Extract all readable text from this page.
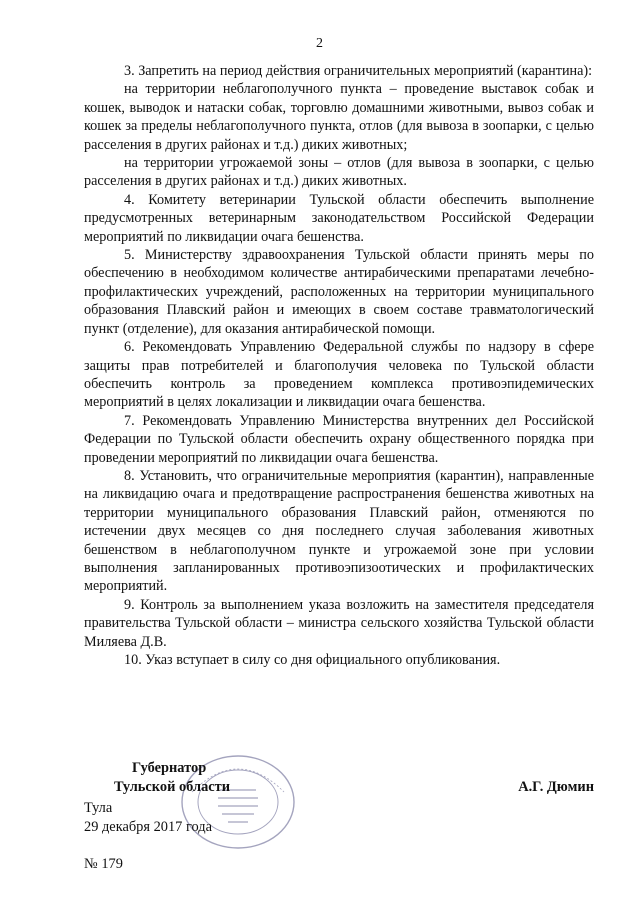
2

3. Запретить на период действия ограничительных мероприятий (карантина):

на территории неблагополучного пункта – проведение выставок собак и кошек, выводок и натаски собак, торговлю домашними животными, вывоз собак и кошек за пределы неблагополучного пункта, отлов (для вывоза в зоопарки, с целью расселения в других районах и т.д.) диких животных;

на территории угрожаемой зоны – отлов (для вывоза в зоопарки, с целью расселения в других районах и т.д.) диких животных.

4. Комитету ветеринарии Тульской области обеспечить выполнение предусмотренных ветеринарным законодательством Российской Федерации мероприятий по ликвидации очага бешенства.

5. Министерству здравоохранения Тульской области принять меры по обеспечению в необходимом количестве антирабическими препаратами лечебно-профилактических учреждений, расположенных на территории муниципального образования Плавский район и имеющих в своем составе травматологический пункт (отделение), для оказания антирабической помощи.

6. Рекомендовать Управлению Федеральной службы по надзору в сфере защиты прав потребителей и благополучия человека по Тульской области обеспечить контроль за проведением комплекса противоэпидемических мероприятий в целях локализации и ликвидации очага бешенства.

7. Рекомендовать Управлению Министерства внутренних дел Российской Федерации по Тульской области обеспечить охрану общественного порядка при проведении мероприятий по ликвидации очага бешенства.

8. Установить, что ограничительные мероприятия (карантин), направленные на ликвидацию очага и предотвращение распространения бешенства животных на территории муниципального образования Плавский район, отменяются по истечении двух месяцев со дня последнего случая заболевания животных бешенством в неблагополучном пункте и угрожаемой зоне при условии выполнения запланированных противоэпизоотических и профилактических мероприятий.

9. Контроль за выполнением указа возложить на заместителя председателя правительства Тульской области – министра сельского хозяйства Тульской области Миляева Д.В.

10. Указ вступает в силу со дня официального опубликования.

Губернатор
Тульской области	А.Г. Дюмин
Тула
29 декабря 2017 года
№ 179
